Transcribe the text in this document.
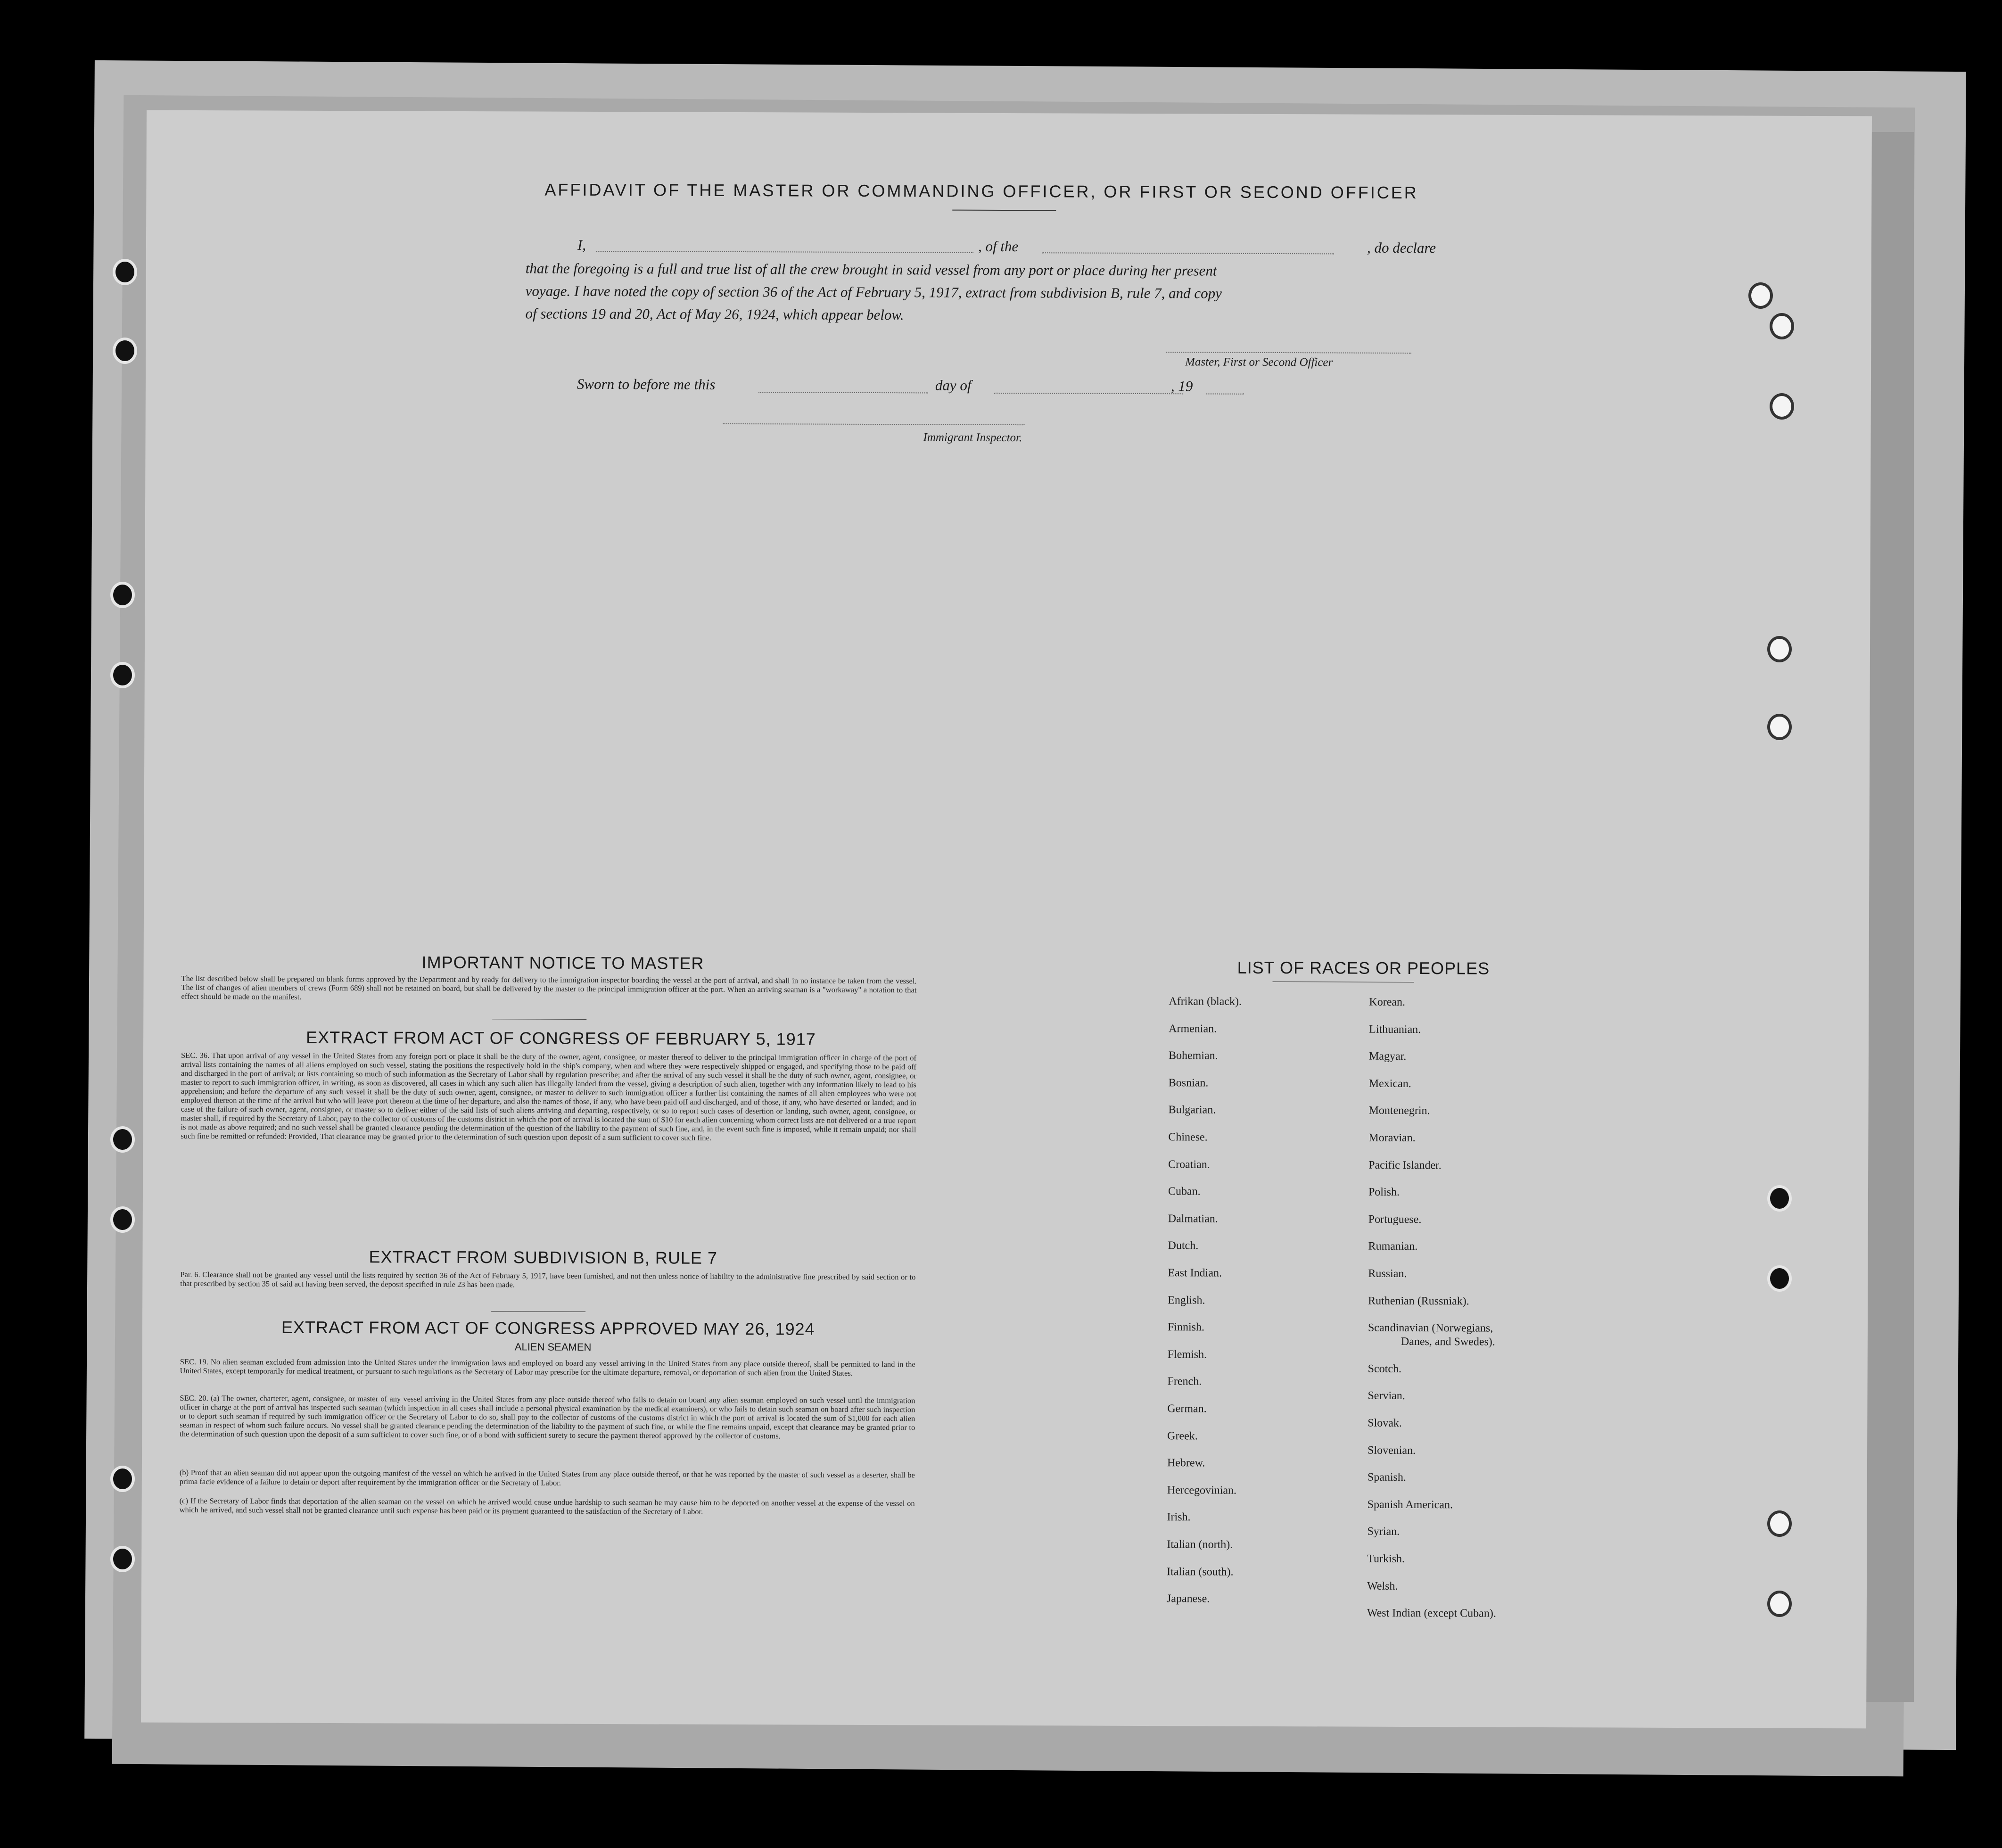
AFFIDAVIT OF THE MASTER OR COMMANDING OFFICER, OR FIRST OR SECOND OFFICER
I,	, of the	, do declare
that the foregoing is a full and true list of all the crew brought in said vessel from any port or place during her present
voyage. I have noted the copy of section 36 of the Act of February 5, 1917, extract from subdivision B, rule 7, and copy
of sections 19 and 20, Act of May 26, 1924, which appear below.
Master, First or Second Officer
Sworn to before me this	day of	, 19
Immigrant Inspector.
IMPORTANT NOTICE TO MASTER
The list described below shall be prepared on blank forms approved by the Department and by ready for delivery to the immigration inspector boarding the vessel at the port of arrival, and shall in no instance be taken from the vessel. The list of changes of alien members of crews (Form 689) shall not be retained on board, but shall be delivered by the master to the principal immigration officer at the port. When an arriving seaman is a "workaway" a notation to that effect should be made on the manifest.
EXTRACT FROM ACT OF CONGRESS OF FEBRUARY 5, 1917
SEC. 36. That upon arrival of any vessel in the United States from any foreign port or place it shall be the duty of the owner, agent, consignee, or master thereof to deliver to the principal immigration officer in charge of the port of arrival lists containing the names of all aliens employed on such vessel, stating the positions the respectively hold in the ship's company, when and where they were respectively shipped or engaged, and specifying those to be paid off and discharged in the port of arrival; or lists containing so much of such information as the Secretary of Labor shall by regulation prescribe; and after the arrival of any such vessel it shall be the duty of such owner, agent, consignee, or master to report to such immigration officer, in writing, as soon as discovered, all cases in which any such alien has illegally landed from the vessel, giving a description of such alien, together with any information likely to lead to his apprehension; and before the departure of any such vessel it shall be the duty of such owner, agent, consignee, or master to deliver to such immigration officer a further list containing the names of all alien employees who were not employed thereon at the time of the arrival but who will leave port thereon at the time of her departure, and also the names of those, if any, who have been paid off and discharged, and of those, if any, who have deserted or landed; and in case of the failure of such owner, agent, consignee, or master so to deliver either of the said lists of such aliens arriving and departing, respectively, or so to report such cases of desertion or landing, such owner, agent, consignee, or master shall, if required by the Secretary of Labor, pay to the collector of customs of the customs district in which the port of arrival is located the sum of $10 for each alien concerning whom correct lists are not delivered or a true report is not made as above required; and no such vessel shall be granted clearance pending the determination of the question of the liability to the payment of such fine, and, in the event such fine is imposed, while it remain unpaid; nor shall such fine be remitted or refunded: Provided, That clearance may be granted prior to the determination of such question upon deposit of a sum sufficient to cover such fine.
EXTRACT FROM SUBDIVISION B, RULE 7
Par. 6. Clearance shall not be granted any vessel until the lists required by section 36 of the Act of February 5, 1917, have been furnished, and not then unless notice of liability to the administrative fine prescribed by said section or to that prescribed by section 35 of said act having been served, the deposit specified in rule 23 has been made.
EXTRACT FROM ACT OF CONGRESS APPROVED MAY 26, 1924
ALIEN SEAMEN
SEC. 19. No alien seaman excluded from admission into the United States under the immigration laws and employed on board any vessel arriving in the United States from any place outside thereof, shall be permitted to land in the United States, except temporarily for medical treatment, or pursuant to such regulations as the Secretary of Labor may prescribe for the ultimate departure, removal, or deportation of such alien from the United States.
SEC. 20. (a) The owner, charterer, agent, consignee, or master of any vessel arriving in the United States from any place outside thereof who fails to detain on board any alien seaman employed on such vessel until the immigration officer in charge at the port of arrival has inspected such seaman (which inspection in all cases shall include a personal physical examination by the medical examiners), or who fails to detain such seaman on board after such inspection or to deport such seaman if required by such immigration officer or the Secretary of Labor to do so, shall pay to the collector of customs of the customs district in which the port of arrival is located the sum of $1,000 for each alien seaman in respect of whom such failure occurs. No vessel shall be granted clearance pending the determination of the liability to the payment of such fine, or while the fine remains unpaid, except that clearance may be granted prior to the determination of such question upon the deposit of a sum sufficient to cover such fine, or of a bond with sufficient surety to secure the payment thereof approved by the collector of customs.
(b) Proof that an alien seaman did not appear upon the outgoing manifest of the vessel on which he arrived in the United States from any place outside thereof, or that he was reported by the master of such vessel as a deserter, shall be prima facie evidence of a failure to detain or deport after requirement by the immigration officer or the Secretary of Labor.
(c) If the Secretary of Labor finds that deportation of the alien seaman on the vessel on which he arrived would cause undue hardship to such seaman he may cause him to be deported on another vessel at the expense of the vessel on which he arrived, and such vessel shall not be granted clearance until such expense has been paid or its payment guaranteed to the satisfaction of the Secretary of Labor.
LIST OF RACES OR PEOPLES
Afrikan (black).
Armenian.
Bohemian.
Bosnian.
Bulgarian.
Chinese.
Croatian.
Cuban.
Dalmatian.
Dutch.
East Indian.
English.
Finnish.
Flemish.
French.
German.
Greek.
Hebrew.
Hercegovinian.
Irish.
Italian (north).
Italian (south).
Japanese.
Korean.
Lithuanian.
Magyar.
Mexican.
Montenegrin.
Moravian.
Pacific Islander.
Polish.
Portuguese.
Rumanian.
Russian.
Ruthenian (Russniak).
Scandinavian (Norwegians,
Danes, and Swedes).
Scotch.
Servian.
Slovak.
Slovenian.
Spanish.
Spanish American.
Syrian.
Turkish.
Welsh.
West Indian (except Cuban).
